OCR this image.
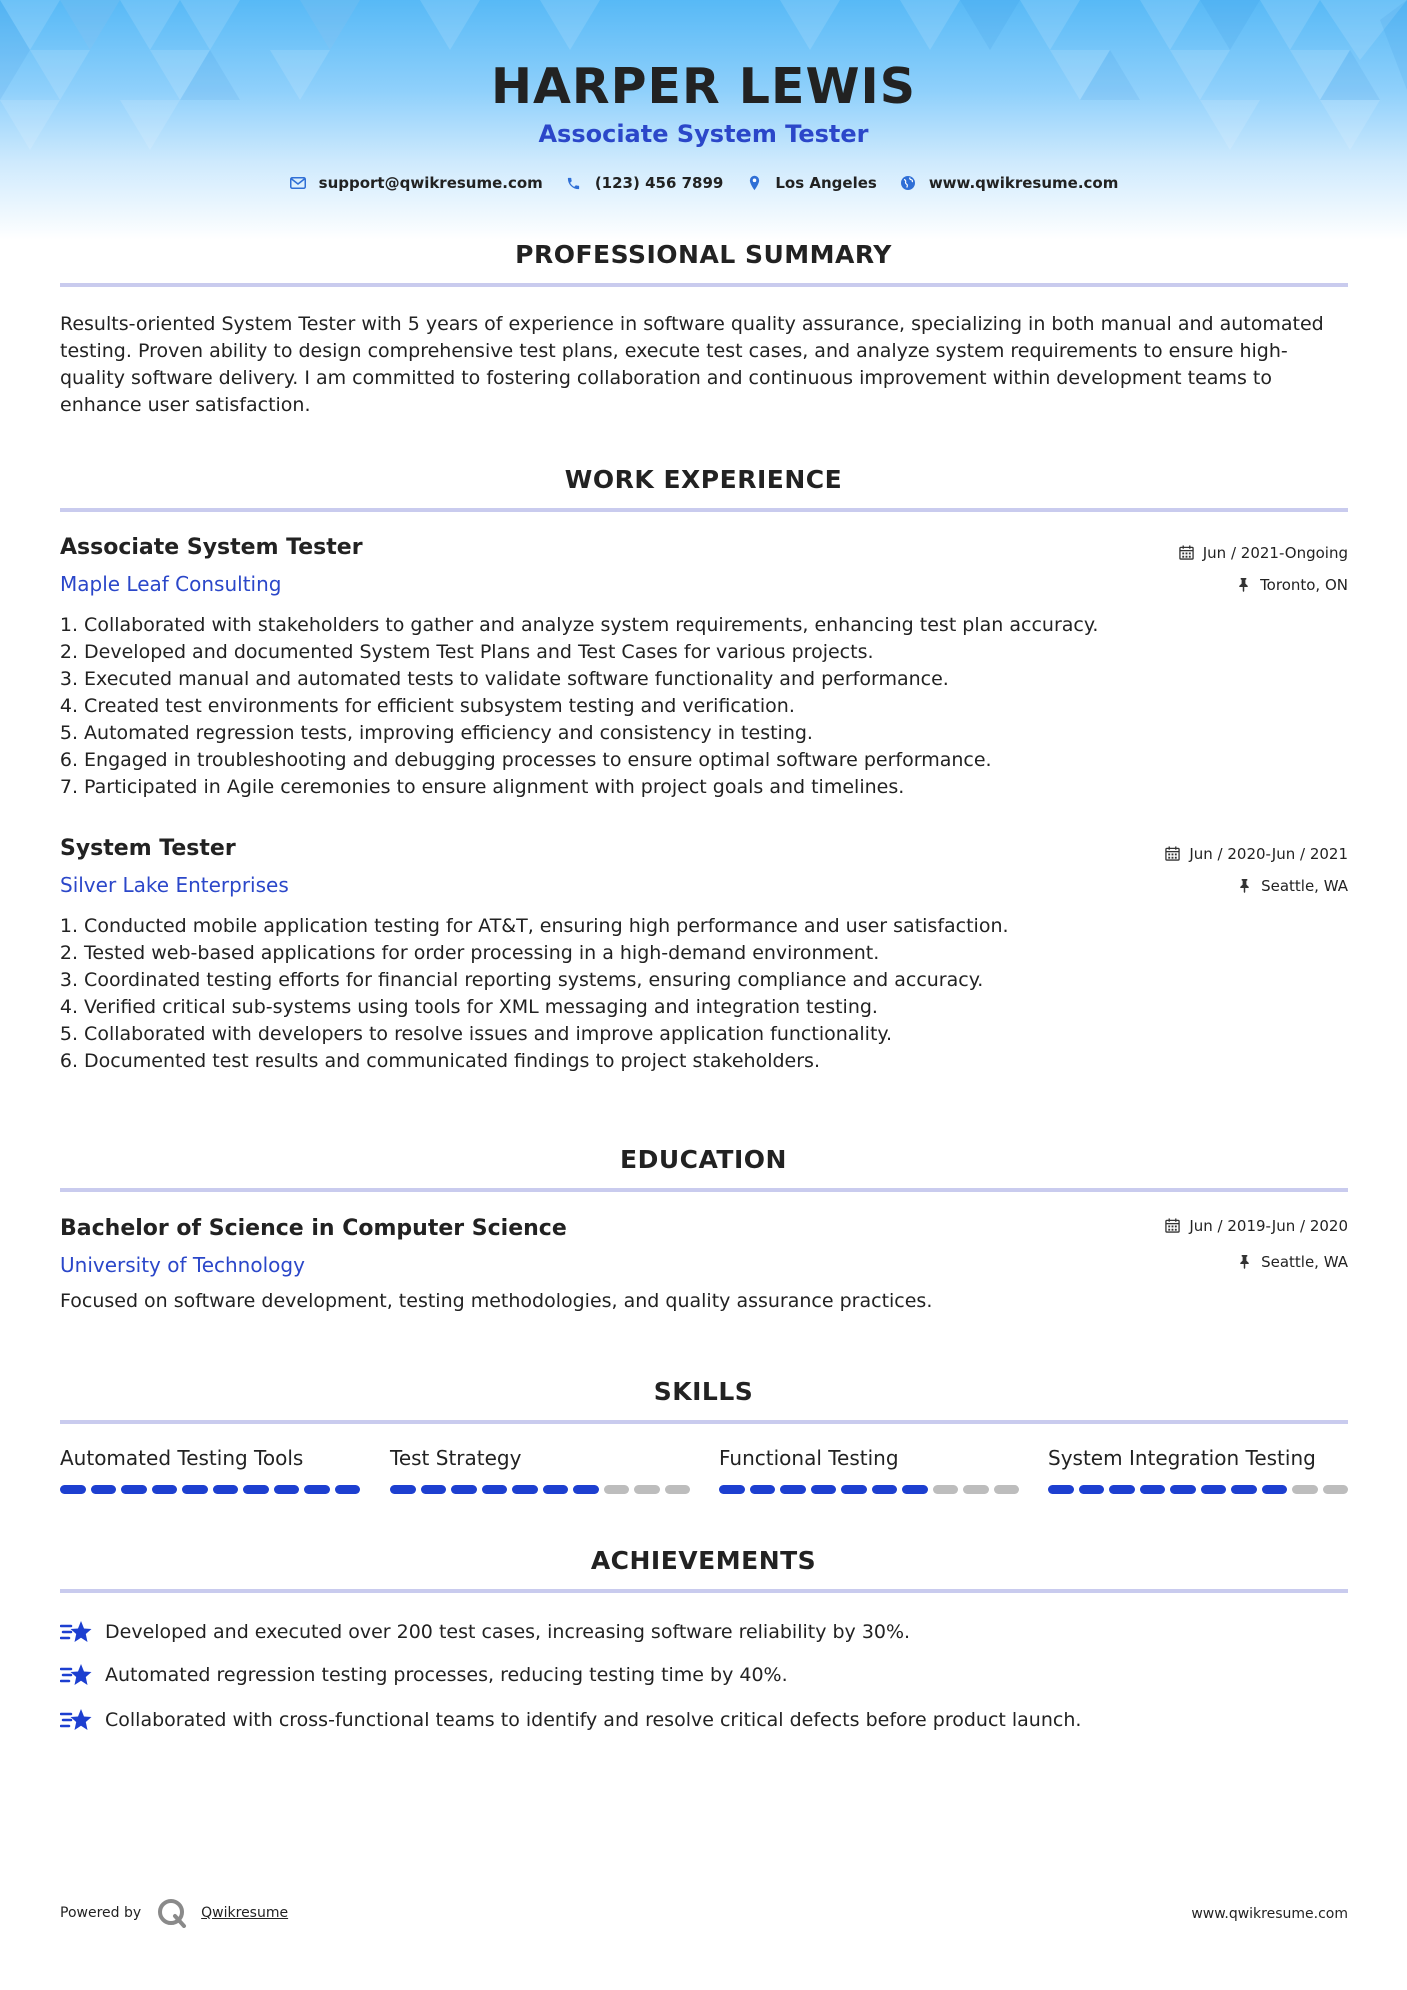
HARPER LEWIS
Associate System Tester
support@qwikresume.com	(123) 456 7899	Los Angeles	www.qwikresume.com
PROFESSIONAL SUMMARY
Results-oriented System Tester with 5 years of experience in software quality assurance, specializing in both manual and automated testing. Proven ability to design comprehensive test plans, execute test cases, and analyze system requirements to ensure high-quality software delivery. I am committed to fostering collaboration and continuous improvement within development teams to enhance user satisfaction.
WORK EXPERIENCE
Associate System Tester
Maple Leaf Consulting
Jun / 2021-Ongoing
Toronto, ON
1.
Collaborated with stakeholders to gather and analyze system requirements, enhancing test plan accuracy.
2.
Developed and documented System Test Plans and Test Cases for various projects.
3.
Executed manual and automated tests to validate software functionality and performance.
4.
Created test environments for efficient subsystem testing and verification.
5.
Automated regression tests, improving efficiency and consistency in testing.
6.
Engaged in troubleshooting and debugging processes to ensure optimal software performance.
7.
Participated in Agile ceremonies to ensure alignment with project goals and timelines.
System Tester
Silver Lake Enterprises
Jun / 2020-Jun / 2021
Seattle, WA
1.
Conducted mobile application testing for AT&T, ensuring high performance and user satisfaction.
2.
Tested web-based applications for order processing in a high-demand environment.
3.
Coordinated testing efforts for financial reporting systems, ensuring compliance and accuracy.
4.
Verified critical sub-systems using tools for XML messaging and integration testing.
5.
Collaborated with developers to resolve issues and improve application functionality.
6.
Documented test results and communicated findings to project stakeholders.
EDUCATION
Bachelor of Science in Computer Science
University of Technology
Jun / 2019-Jun / 2020
Seattle, WA
Focused on software development, testing methodologies, and quality assurance practices.
SKILLS
Automated Testing Tools	Test Strategy	Functional Testing	System Integration Testing
ACHIEVEMENTS
Developed and executed over 200 test cases, increasing software reliability by 30%.
Automated regression testing processes, reducing testing time by 40%.
Collaborated with cross-functional teams to identify and resolve critical defects before product launch.
Powered by	Qwikresume	www.qwikresume.com
